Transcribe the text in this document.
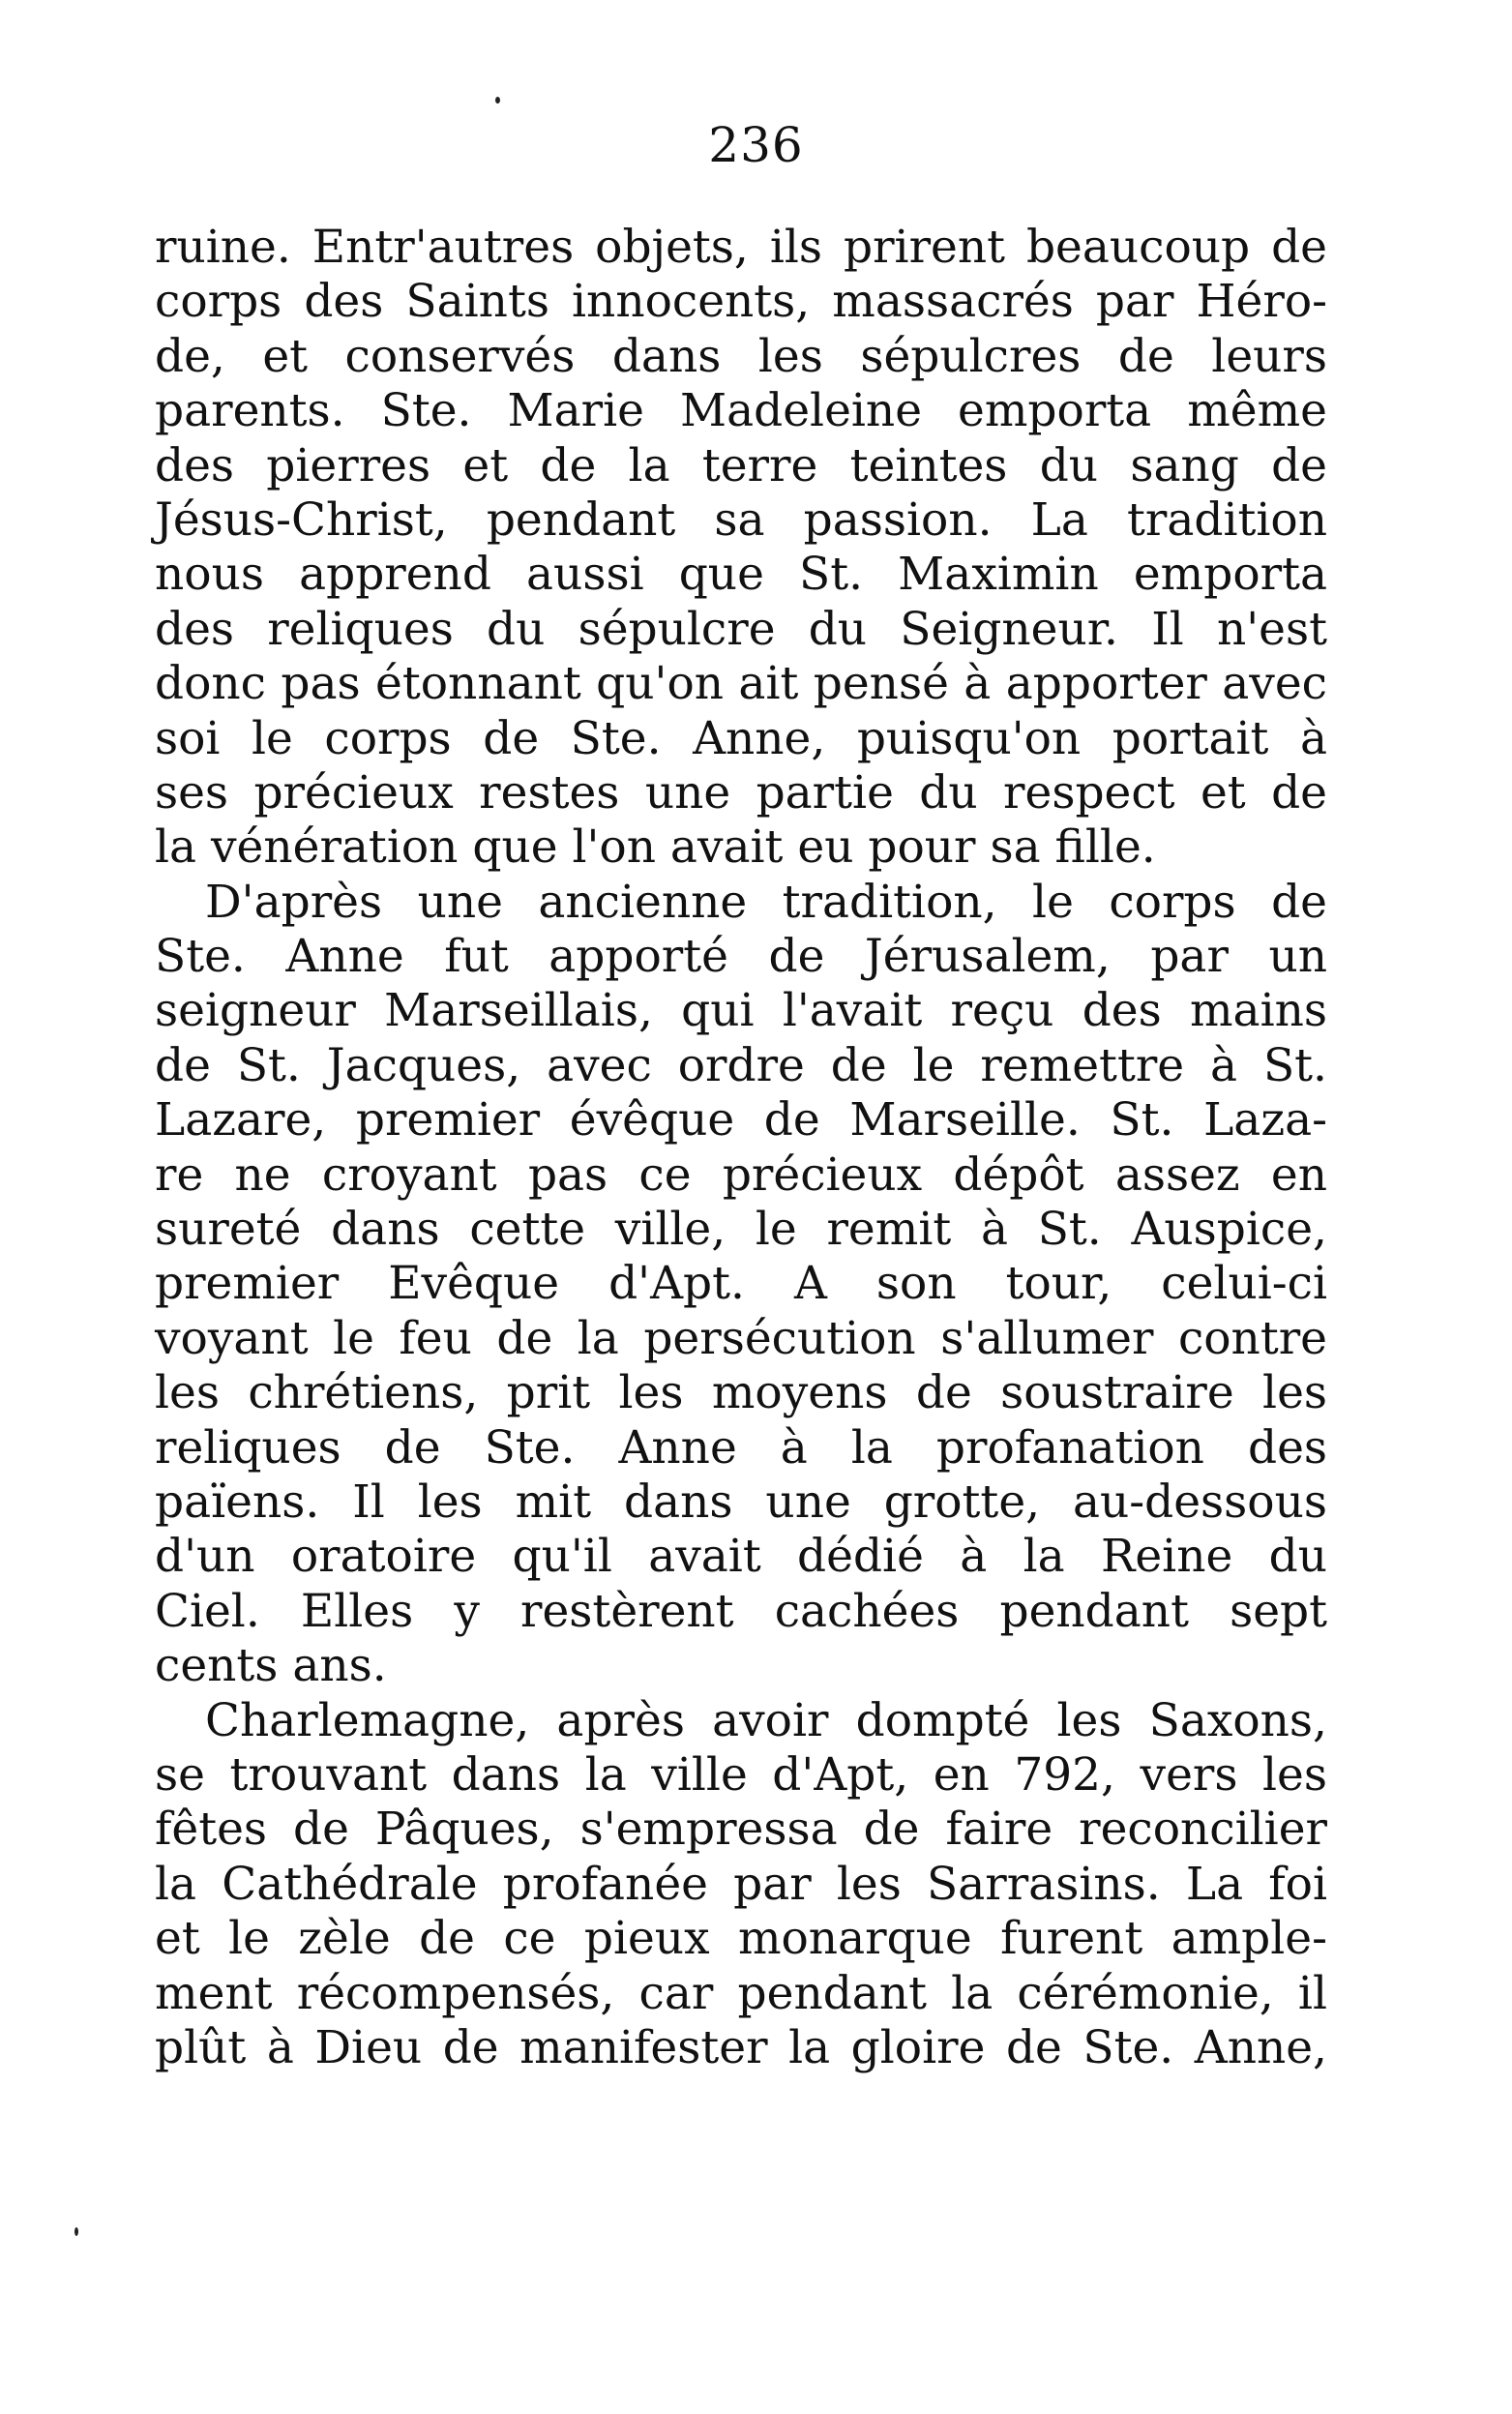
236
ruine. Entr'autres objets, ils prirent beaucoup de
corps des Saints innocents, massacrés par Héro-
de, et conservés dans les sépulcres de leurs
parents. Ste. Marie Madeleine emporta même
des pierres et de la terre teintes du sang de
Jésus-Christ, pendant sa passion. La tradition
nous apprend aussi que St. Maximin emporta
des reliques du sépulcre du Seigneur. Il n'est
donc pas étonnant qu'on ait pensé à apporter avec
soi le corps de Ste. Anne, puisqu'on portait à
ses précieux restes une partie du respect et de
la vénération que l'on avait eu pour sa fille.
D'après une ancienne tradition, le corps de
Ste. Anne fut apporté de Jérusalem, par un
seigneur Marseillais, qui l'avait reçu des mains
de St. Jacques, avec ordre de le remettre à St.
Lazare, premier évêque de Marseille. St. Laza-
re ne croyant pas ce précieux dépôt assez en
sureté dans cette ville, le remit à St. Auspice,
premier Evêque d'Apt. A son tour, celui-ci
voyant le feu de la persécution s'allumer contre
les chrétiens, prit les moyens de soustraire les
reliques de Ste. Anne à la profanation des
païens. Il les mit dans une grotte, au-dessous
d'un oratoire qu'il avait dédié à la Reine du
Ciel. Elles y restèrent cachées pendant sept
cents ans.
Charlemagne, après avoir dompté les Saxons,
se trouvant dans la ville d'Apt, en 792, vers les
fêtes de Pâques, s'empressa de faire reconcilier
la Cathédrale profanée par les Sarrasins. La foi
et le zèle de ce pieux monarque furent ample-
ment récompensés, car pendant la cérémonie, il
plût à Dieu de manifester la gloire de Ste. Anne,
